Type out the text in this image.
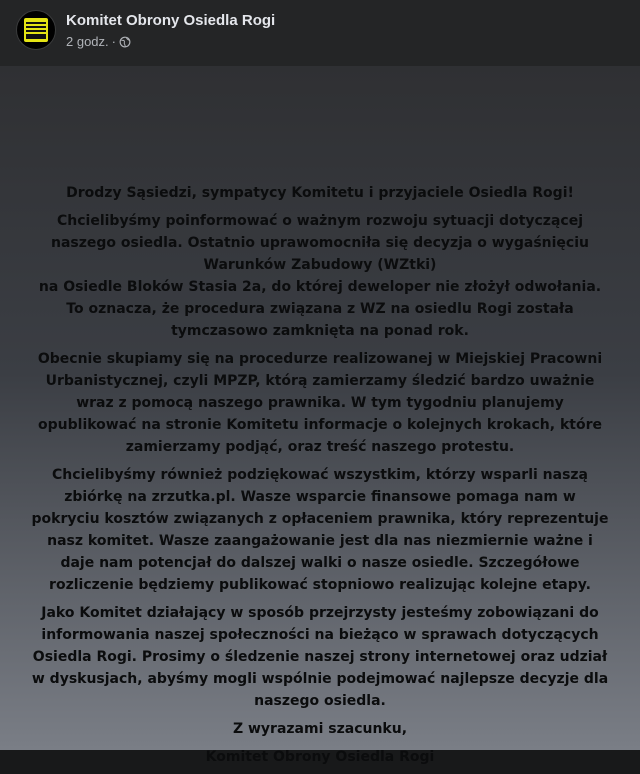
Komitet Obrony Osiedla Rogi
2 godz. ·

Drodzy Sąsiedzi, sympatycy Komitetu i przyjaciele Osiedla Rogi!

Chcielibyśmy poinformować o ważnym rozwoju sytuacji dotyczącej naszego osiedla. Ostatnio uprawomocniła się decyzja o wygaśnięciu Warunków Zabudowy (WZtki)
na Osiedle Bloków Stasia 2a, do której deweloper nie złożył odwołania.
To oznacza, że procedura związana z WZ na osiedlu Rogi została tymczasowo zamknięta na ponad rok.

Obecnie skupiamy się na procedurze realizowanej w Miejskiej Pracowni Urbanistycznej, czyli MPZP, którą zamierzamy śledzić bardzo uważnie wraz z pomocą naszego prawnika. W tym tygodniu planujemy opublikować na stronie Komitetu informacje o kolejnych krokach, które zamierzamy podjąć, oraz treść naszego protestu.

Chcielibyśmy również podziękować wszystkim, którzy wsparli naszą zbiórkę na zrzutka.pl. Wasze wsparcie finansowe pomaga nam w pokryciu kosztów związanych z opłaceniem prawnika, który reprezentuje nasz komitet. Wasze zaangażowanie jest dla nas niezmiernie ważne i daje nam potencjał do dalszej walki o nasze osiedle. Szczegółowe rozliczenie będziemy publikować stopniowo realizując kolejne etapy.

Jako Komitet działający w sposób przejrzysty jesteśmy zobowiązani do informowania naszej społeczności na bieżąco w sprawach dotyczących Osiedla Rogi. Prosimy o śledzenie naszej strony internetowej oraz udział w dyskusjach, abyśmy mogli wspólnie podejmować najlepsze decyzje dla naszego osiedla.

Z wyrazami szacunku,

Komitet Obrony Osiedla Rogi
